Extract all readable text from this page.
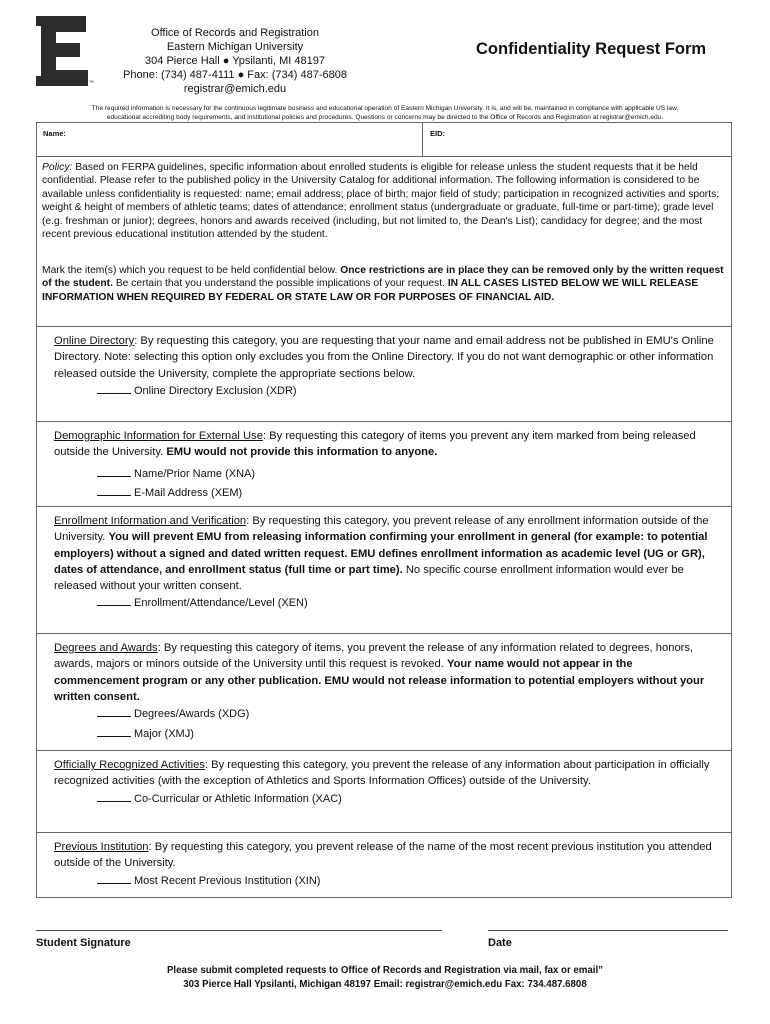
™
Office of Records and Registration
Eastern Michigan University
304 Pierce Hall ● Ypsilanti, MI 48197
Phone: (734) 487-4111 ● Fax: (734) 487-6808
registrar@emich.edu
Confidentiality Request Form
The required information is necessary for the continuous legitimate business and educational operation of Eastern Michigan University. It is, and will be, maintained in compliance with applicable US law,
educational accrediting body requirements, and institutional policies and procedures. Questions or concerns may be directed to the Office of Records and Registration at registrar@emich.edu.
Name:	EID:
Policy: Based on FERPA guidelines, specific information about enrolled students is eligible for release unless the student requests that it be held confidential. Please refer to the published policy in the University Catalog for additional information. The following information is considered to be available unless confidentiality is requested: name; email address; place of birth; major field of study; participation in recognized activities and sports; weight & height of members of athletic teams; dates of attendance; enrollment status (undergraduate or graduate, full-time or part-time); grade level (e.g. freshman or junior); degrees, honors and awards received (including, but not limited to, the Dean's List); candidacy for degree; and the most recent previous educational institution attended by the student.
Mark the item(s) which you request to be held confidential below. Once restrictions are in place they can be removed only by the written request of the student. Be certain that you understand the possible implications of your request. IN ALL CASES LISTED BELOW WE WILL RELEASE INFORMATION WHEN REQUIRED BY FEDERAL OR STATE LAW OR FOR PURPOSES OF FINANCIAL AID.
Online Directory: By requesting this category, you are requesting that your name and email address not be published in EMU's Online Directory. Note: selecting this option only excludes you from the Online Directory. If you do not want demographic or other information released outside the University, complete the appropriate sections below.
Online Directory Exclusion (XDR)
Demographic Information for External Use: By requesting this category of items you prevent any item marked from being released outside the University. EMU would not provide this information to anyone.
Name/Prior Name (XNA)
E-Mail Address (XEM)
Enrollment Information and Verification: By requesting this category, you prevent release of any enrollment information outside of the University. You will prevent EMU from releasing information confirming your enrollment in general (for example: to potential employers) without a signed and dated written request. EMU defines enrollment information as academic level (UG or GR), dates of attendance, and enrollment status (full time or part time). No specific course enrollment information would ever be released without your written consent.
Enrollment/Attendance/Level (XEN)
Degrees and Awards: By requesting this category of items, you prevent the release of any information related to degrees, honors, awards, majors or minors outside of the University until this request is revoked. Your name would not appear in the commencement program or any other publication. EMU would not release information to potential employers without your written consent.
Degrees/Awards (XDG)
Major (XMJ)
Officially Recognized Activities: By requesting this category, you prevent the release of any information about participation in officially recognized activities (with the exception of Athletics and Sports Information Offices) outside of the University.
Co-Curricular or Athletic Information (XAC)
Previous Institution: By requesting this category, you prevent release of the name of the most recent previous institution you attended outside of the University.
Most Recent Previous Institution (XIN)
Student Signature	Date
Please submit completed requests to Office of Records and Registration via mail, fax or email”
303 Pierce Hall Ypsilanti, Michigan 48197 Email: registrar@emich.edu Fax: 734.487.6808
